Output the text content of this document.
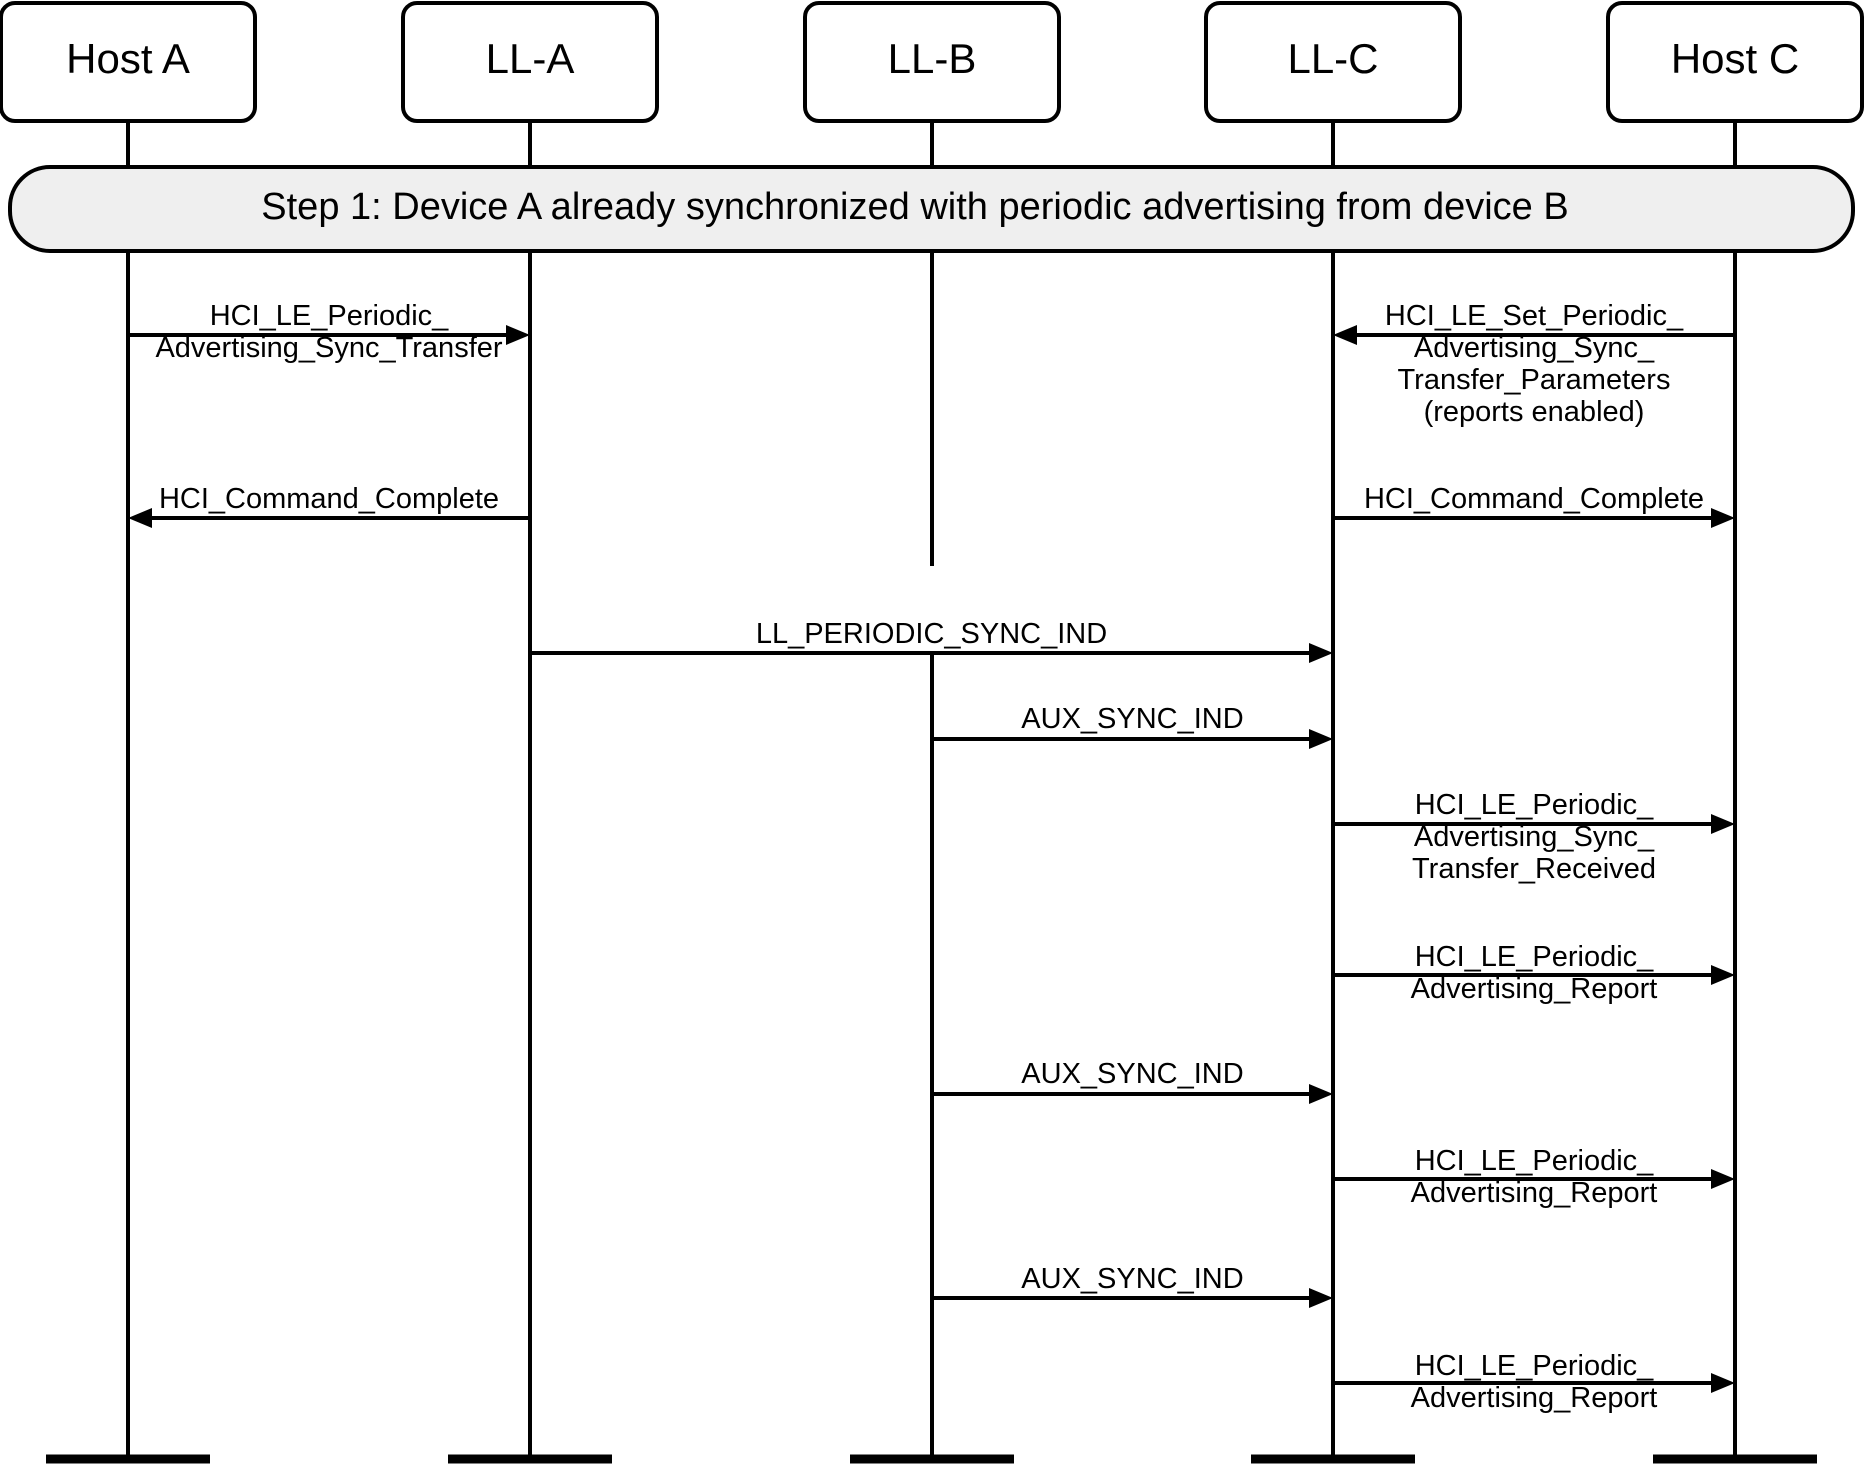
Host A	LL-A	LL-B	LL-C	Host C
Step 1: Device A already synchronized with periodic advertising from device B
HCI_LE_Periodic_
Advertising_Sync_Transfer
HCI_LE_Set_Periodic_
Advertising_Sync_
Transfer_Parameters
(reports enabled)
HCI_Command_Complete	HCI_Command_Complete
LL_PERIODIC_SYNC_IND
AUX_SYNC_IND
HCI_LE_Periodic_
Advertising_Sync_
Transfer_Received
HCI_LE_Periodic_
Advertising_Report
AUX_SYNC_IND
HCI_LE_Periodic_
Advertising_Report
AUX_SYNC_IND
HCI_LE_Periodic_
Advertising_Report
